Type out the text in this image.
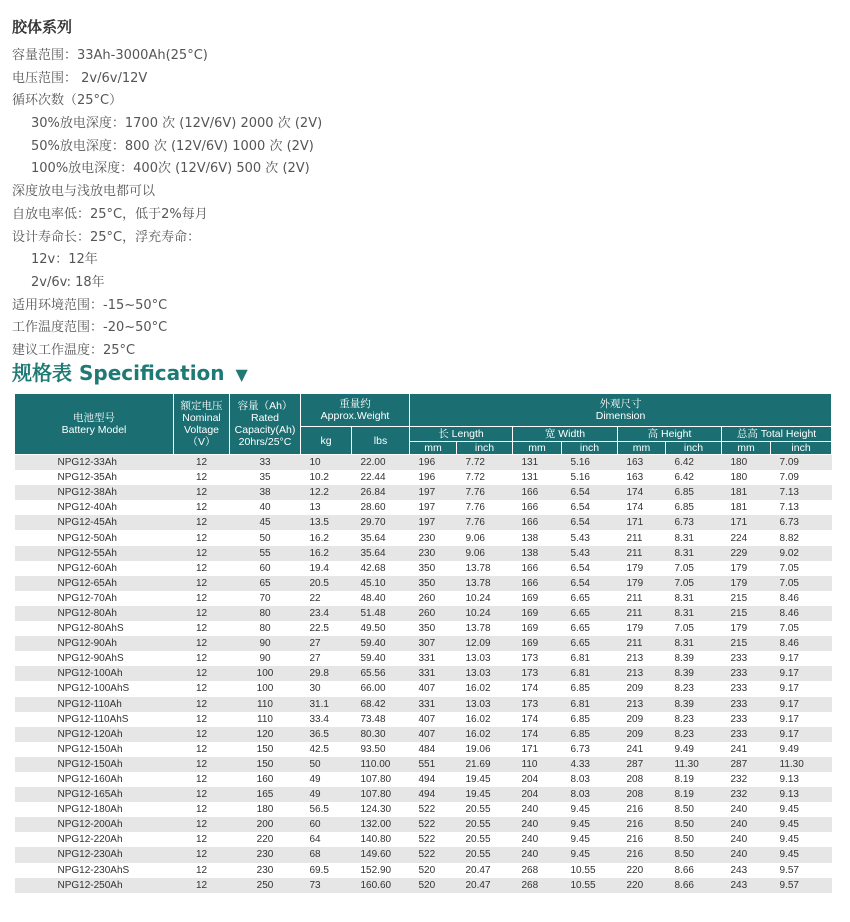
胶体系列
容量范围：33Ah-3000Ah(25°C)
电压范围： 2v/6v/12V
循环次数（25°C）
30%放电深度：1700 次 (12V/6V) 2000 次 (2V)
50%放电深度：800 次 (12V/6V) 1000 次 (2V)
100%放电深度：400次 (12V/6V) 500 次 (2V)
深度放电与浅放电都可以
自放电率低：25°C，低于2%每月
设计寿命长：25°C，浮充寿命：
12v：12年
2v/6v: 18年
适用环境范围：-15~50°C
工作温度范围：-20~50°C
建议工作温度：25°C
规格表 Specification ▼
电池型号
Battery Model	额定电压
Nominal
Voltage
（V）	容量（Ah）
Rated
Capacity(Ah)
20hrs/25°C	重量约
Approx.Weight		外观尺寸
Dimension							
			kg	lbs	长 Length		宽 Width		高 Height		总高 Total Height	
					mm	inch	mm	inch	mm	inch	mm	inch
NPG12-33Ah	12	33	10	22.00	196	7.72	131	5.16	163	6.42	180	7.09
NPG12-35Ah	12	35	10.2	22.44	196	7.72	131	5.16	163	6.42	180	7.09
NPG12-38Ah	12	38	12.2	26.84	197	7.76	166	6.54	174	6.85	181	7.13
NPG12-40Ah	12	40	13	28.60	197	7.76	166	6.54	174	6.85	181	7.13
NPG12-45Ah	12	45	13.5	29.70	197	7.76	166	6.54	171	6.73	171	6.73
NPG12-50Ah	12	50	16.2	35.64	230	9.06	138	5.43	211	8.31	224	8.82
NPG12-55Ah	12	55	16.2	35.64	230	9.06	138	5.43	211	8.31	229	9.02
NPG12-60Ah	12	60	19.4	42.68	350	13.78	166	6.54	179	7.05	179	7.05
NPG12-65Ah	12	65	20.5	45.10	350	13.78	166	6.54	179	7.05	179	7.05
NPG12-70Ah	12	70	22	48.40	260	10.24	169	6.65	211	8.31	215	8.46
NPG12-80Ah	12	80	23.4	51.48	260	10.24	169	6.65	211	8.31	215	8.46
NPG12-80AhS	12	80	22.5	49.50	350	13.78	169	6.65	179	7.05	179	7.05
NPG12-90Ah	12	90	27	59.40	307	12.09	169	6.65	211	8.31	215	8.46
NPG12-90AhS	12	90	27	59.40	331	13.03	173	6.81	213	8.39	233	9.17
NPG12-100Ah	12	100	29.8	65.56	331	13.03	173	6.81	213	8.39	233	9.17
NPG12-100AhS	12	100	30	66.00	407	16.02	174	6.85	209	8.23	233	9.17
NPG12-110Ah	12	110	31.1	68.42	331	13.03	173	6.81	213	8.39	233	9.17
NPG12-110AhS	12	110	33.4	73.48	407	16.02	174	6.85	209	8.23	233	9.17
NPG12-120Ah	12	120	36.5	80.30	407	16.02	174	6.85	209	8.23	233	9.17
NPG12-150Ah	12	150	42.5	93.50	484	19.06	171	6.73	241	9.49	241	9.49
NPG12-150Ah	12	150	50	110.00	551	21.69	110	4.33	287	11.30	287	11.30
NPG12-160Ah	12	160	49	107.80	494	19.45	204	8.03	208	8.19	232	9.13
NPG12-165Ah	12	165	49	107.80	494	19.45	204	8.03	208	8.19	232	9.13
NPG12-180Ah	12	180	56.5	124.30	522	20.55	240	9.45	216	8.50	240	9.45
NPG12-200Ah	12	200	60	132.00	522	20.55	240	9.45	216	8.50	240	9.45
NPG12-220Ah	12	220	64	140.80	522	20.55	240	9.45	216	8.50	240	9.45
NPG12-230Ah	12	230	68	149.60	522	20.55	240	9.45	216	8.50	240	9.45
NPG12-230AhS	12	230	69.5	152.90	520	20.47	268	10.55	220	8.66	243	9.57
NPG12-250Ah	12	250	73	160.60	520	20.47	268	10.55	220	8.66	243	9.57
